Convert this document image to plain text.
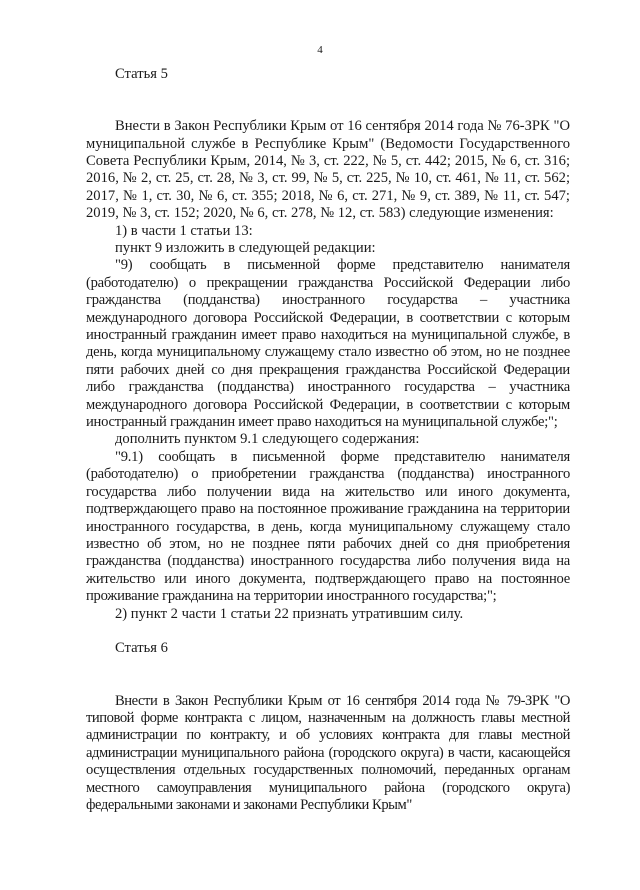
4
Статья 5

Внести в Закон Республики Крым от 16 сентября 2014 года № 76-ЗРК "О муниципальной службе в Республике Крым" (Ведомости Государственного Совета Республики Крым, 2014, № 3, ст. 222, № 5, ст. 442; 2015, № 6, ст. 316; 2016, № 2, ст. 25, ст. 28, № 3, ст. 99, № 5, ст. 225, № 10, ст. 461, № 11, ст. 562; 2017, № 1, ст. 30, № 6, ст. 355; 2018, № 6, ст. 271, № 9, ст. 389, № 11, ст. 547; 2019, № 3, ст. 152; 2020, № 6, ст. 278, № 12, ст. 583) следующие изменения:

1) в части 1 статьи 13:

пункт 9 изложить в следующей редакции:

"9) сообщать в письменной форме представителю нанимателя (работодателю) о прекращении гражданства Российской Федерации либо гражданства (подданства) иностранного государства – участника международного договора Российской Федерации, в соответствии с которым иностранный гражданин имеет право находиться на муниципальной службе, в день, когда муниципальному служащему стало известно об этом, но не позднее пяти рабочих дней со дня прекращения гражданства Российской Федерации либо гражданства (подданства) иностранного государства – участника международного договора Российской Федерации, в соответствии с которым иностранный гражданин имеет право находиться на муниципальной службе;";

дополнить пунктом 9.1 следующего содержания:

"9.1) сообщать в письменной форме представителю нанимателя (работодателю) о приобретении гражданства (подданства) иностранного государства либо получении вида на жительство или иного документа, подтверждающего право на постоянное проживание гражданина на территории иностранного государства, в день, когда муниципальному служащему стало известно об этом, но не позднее пяти рабочих дней со дня приобретения гражданства (подданства) иностранного государства либо получения вида на жительство или иного документа, подтверждающего право на постоянное проживание гражданина на территории иностранного государства;";

2) пункт 2 части 1 статьи 22 признать утратившим силу.

Статья 6

Внести в Закон Республики Крым от 16 сентября 2014 года № 79-ЗРК "О типовой форме контракта с лицом, назначенным на должность главы местной администрации по контракту, и об условиях контракта для главы местной администрации муниципального района (городского округа) в части, касающейся осуществления отдельных государственных полномочий, переданных органам местного самоуправления муниципального района (городского округа) федеральными законами и законами Республики Крым"
